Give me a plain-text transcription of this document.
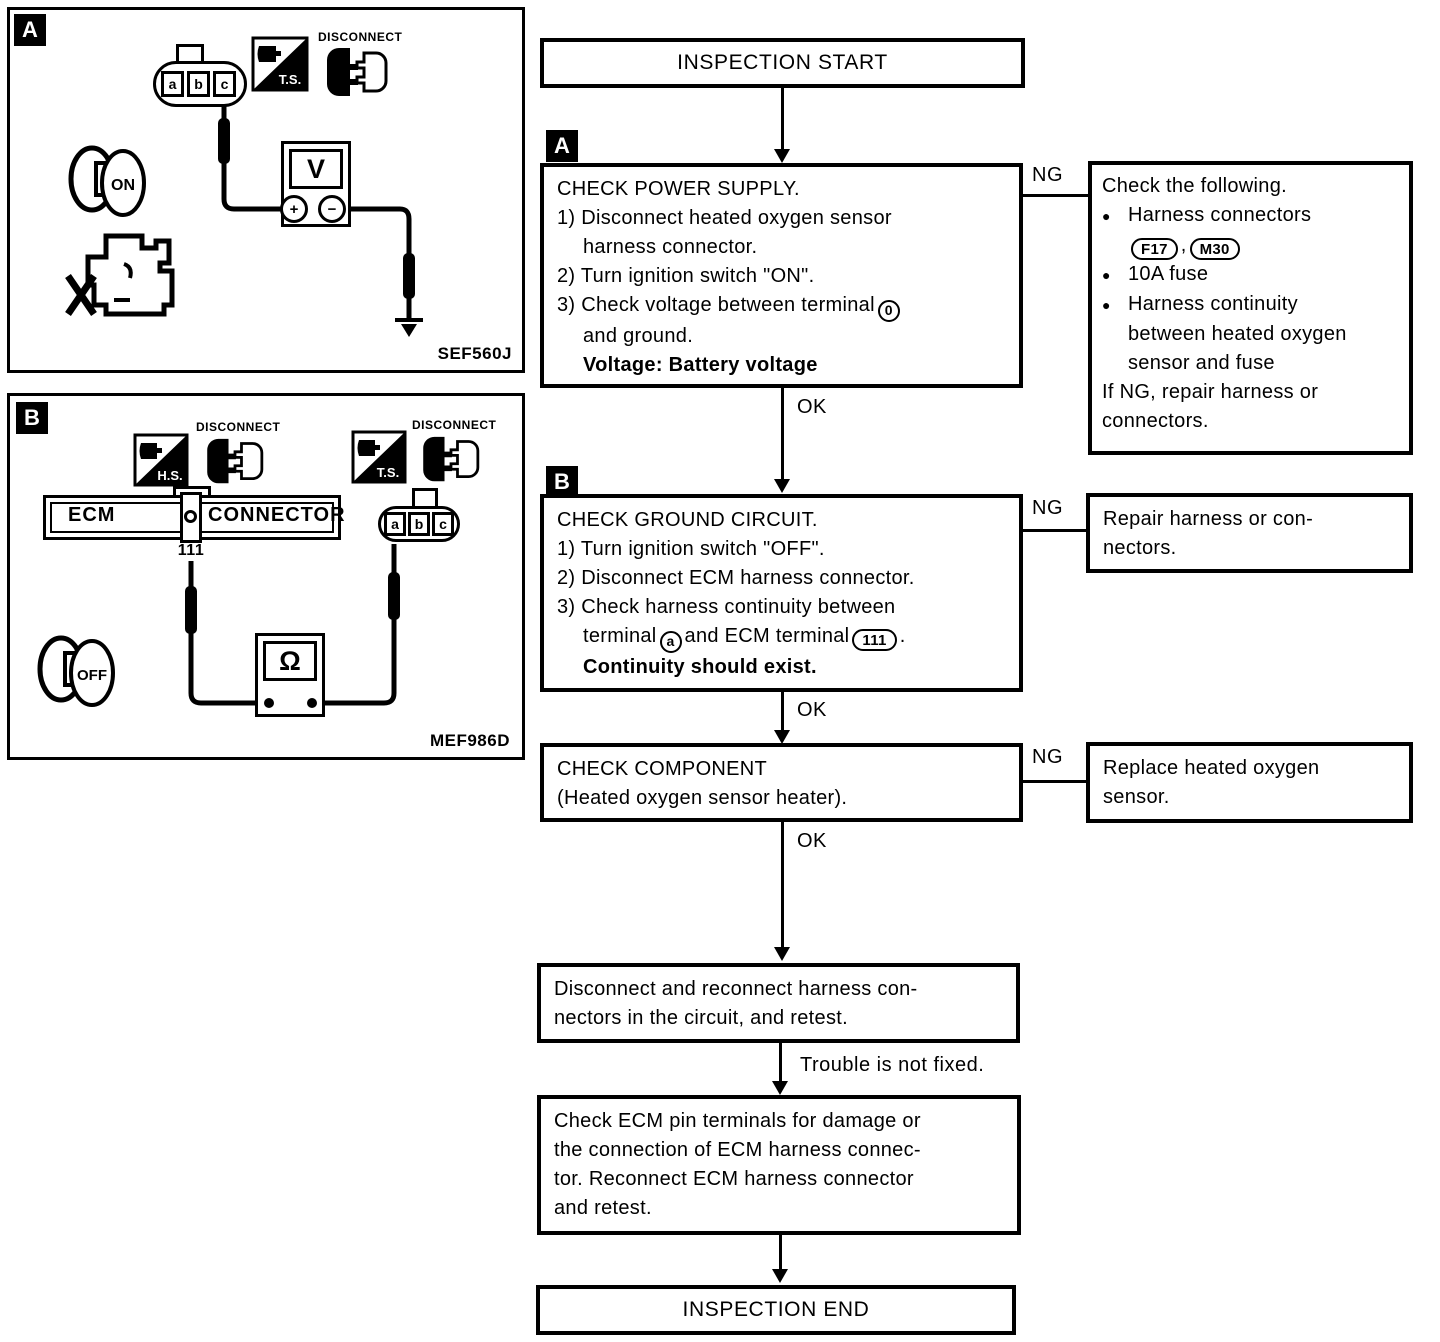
A
a	b	c	T.S.
DISCONNECT
ON
V
+ −
SEF560J
B
H.S.
DISCONNECT
T.S.
DISCONNECT
ECM	CONNECTOR
111
a	b	c
OFF	Ω
MEF986D
INSPECTION START
A
CHECK POWER SUPPLY.
1) Disconnect heated oxygen sensor
harness connector.
2) Turn ignition switch "ON".
3) Check voltage between terminal 0
and ground.
Voltage: Battery voltage
NG Check the following.
● Harness connectors
F17 , M30
● 10A fuse
● Harness continuity
between heated oxygen
sensor and fuse
If NG, repair harness or
connectors.
OK
B
CHECK GROUND CIRCUIT.
1) Turn ignition switch "OFF".
2) Disconnect ECM harness connector.
3) Check harness continuity between
terminal a and ECM terminal 111 .
Continuity should exist.
NG Repair harness or con-
nectors.
OK
CHECK COMPONENT
(Heated oxygen sensor heater).
NG Replace heated oxygen
sensor.
OK
Disconnect and reconnect harness con-
nectors in the circuit, and retest.
Trouble is not fixed.
Check ECM pin terminals for damage or
the connection of ECM harness connec-
tor. Reconnect ECM harness connector
and retest.
INSPECTION END
